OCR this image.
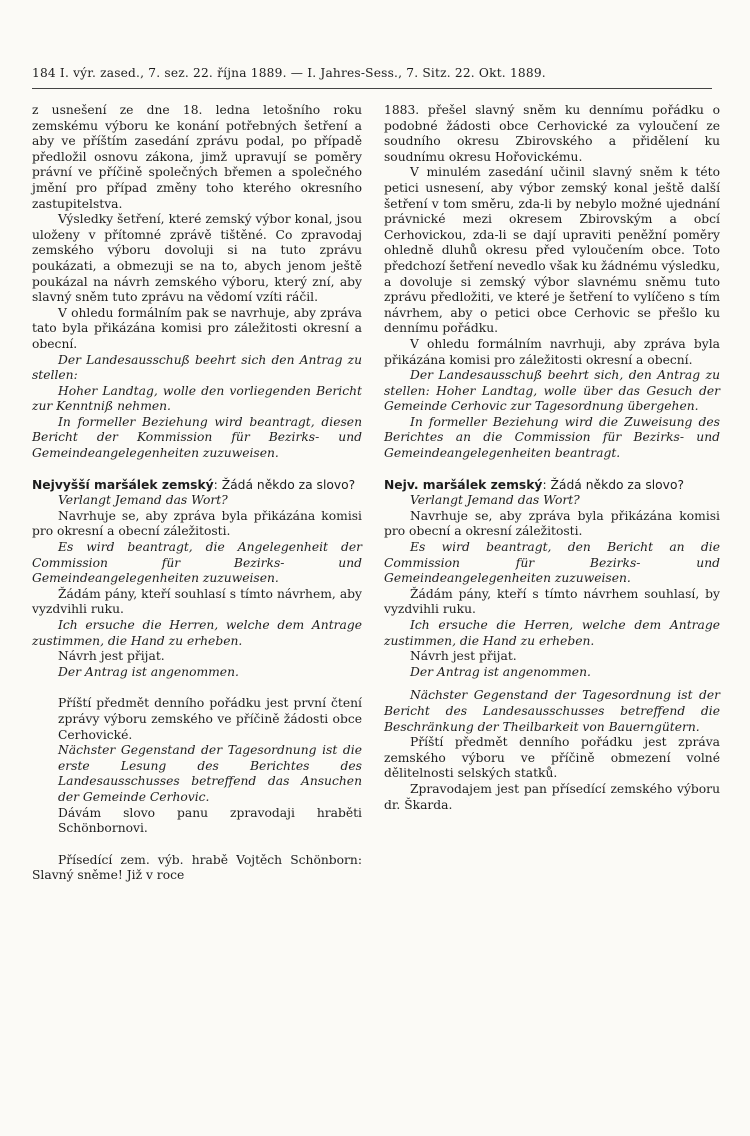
184 I. výr. zased., 7. sez. 22. října 1889. — I. Jahres-Sess., 7. Sitz. 22. Okt. 1889.

z usnešení ze dne 18. ledna letošního roku zemskému výboru ke konání potřebných šetření a aby ve příštím zasedání zprávu podal, po případě předložil osnovu zákona, jimž upravují se poměry právní ve příčině společných břemen a společného jmění pro případ změny toho kterého okresního zastupitelstva.

Výsledky šetření, které zemský výbor konal, jsou uloženy v přítomné zprávě tištěné. Co zpravodaj zemského výboru dovoluji si na tuto zprávu poukázati, a obmezuji se na to, abych jenom ještě poukázal na návrh zemského výboru, který zní, aby slavný sněm tuto zprávu na vědomí vzíti ráčil.

V ohledu formálním pak se navrhuje, aby zpráva tato byla přikázána komisi pro záležitosti okresní a obecní.

Der Landesausschuß beehrt sich den Antrag zu stellen:

Hoher Landtag, wolle den vorliegenden Bericht zur Kenntniß nehmen.

In formeller Beziehung wird beantragt, diesen Bericht der Kommission für Bezirks- und Gemeindeangelegenheiten zuzuweisen.

Nejvyšší maršálek zemský: Žádá někdo za slovo?

Verlangt Jemand das Wort?

Navrhuje se, aby zpráva byla přikázána komisi pro okresní a obecní záležitosti.

Es wird beantragt, die Angelegenheit der Commission für Bezirks- und Gemeindeangelegenheiten zuzuweisen.

Žádám pány, kteří souhlasí s tímto návrhem, aby vyzdvihli ruku.

Ich ersuche die Herren, welche dem Antrage zustimmen, die Hand zu erheben.

Návrh jest přijat.

Der Antrag ist angenommen.

Příští předmět denního pořádku jest první čtení zprávy výboru zemského ve příčině žádosti obce Cerhovické.

Nächster Gegenstand der Tagesordnung ist die erste Lesung des Berichtes des Landesausschusses betreffend das Ansuchen der Gemeinde Cerhovic.

Dávám slovo panu zpravodaji hraběti Schönbornovi.

Přísedící zem. výb. hrabě Vojtěch Schönborn: Slavný sněme! Již v roce

1883. přešel slavný sněm ku dennímu pořádku o podobné žádosti obce Cerhovické za vyloučení ze soudního okresu Zbirovského a přidělení ku soudnímu okresu Hořovickému.

V minulém zasedání učinil slavný sněm k této petici usnesení, aby výbor zemský konal ještě další šetření v tom směru, zda-li by nebylo možné ujednání právnické mezi okresem Zbirovským a obcí Cerhovickou, zda-li se dají upraviti peněžní poměry ohledně dluhů okresu před vyloučením obce. Toto předchozí šetření nevedlo však ku žádnému výsledku, a dovoluje si zemský výbor slavnému sněmu tuto zprávu předložiti, ve které je šetření to vylíčeno s tím návrhem, aby o petici obce Cerhovic se přešlo ku dennímu pořádku.

V ohledu formálním navrhuji, aby zpráva byla přikázána komisi pro záležitosti okresní a obecní.

Der Landesausschuß beehrt sich, den Antrag zu stellen: Hoher Landtag, wolle über das Gesuch der Gemeinde Cerhovic zur Tagesordnung übergehen.

In formeller Beziehung wird die Zuweisung des Berichtes an die Commission für Bezirks- und Gemeindeangelegenheiten beantragt.

Nejv. maršálek zemský: Žádá někdo za slovo?

Verlangt Jemand das Wort?

Navrhuje se, aby zpráva byla přikázána komisi pro obecní a okresní záležitosti.

Es wird beantragt, den Bericht an die Commission für Bezirks- und Gemeindeangelegenheiten zuzuweisen.

Žádám pány, kteří s tímto návrhem souhlasí, by vyzdvihli ruku.

Ich ersuche die Herren, welche dem Antrage zustimmen, die Hand zu erheben.

Návrh jest přijat.

Der Antrag ist angenommen.

Nächster Gegenstand der Tagesordnung ist der Bericht des Landesausschusses betreffend die Beschränkung der Theilbarkeit von Bauerngütern.

Příští předmět denního pořádku jest zpráva zemského výboru ve příčině obmezení volné dělitelnosti selských statků.

Zpravodajem jest pan přísedící zemského výboru dr. Škarda.
